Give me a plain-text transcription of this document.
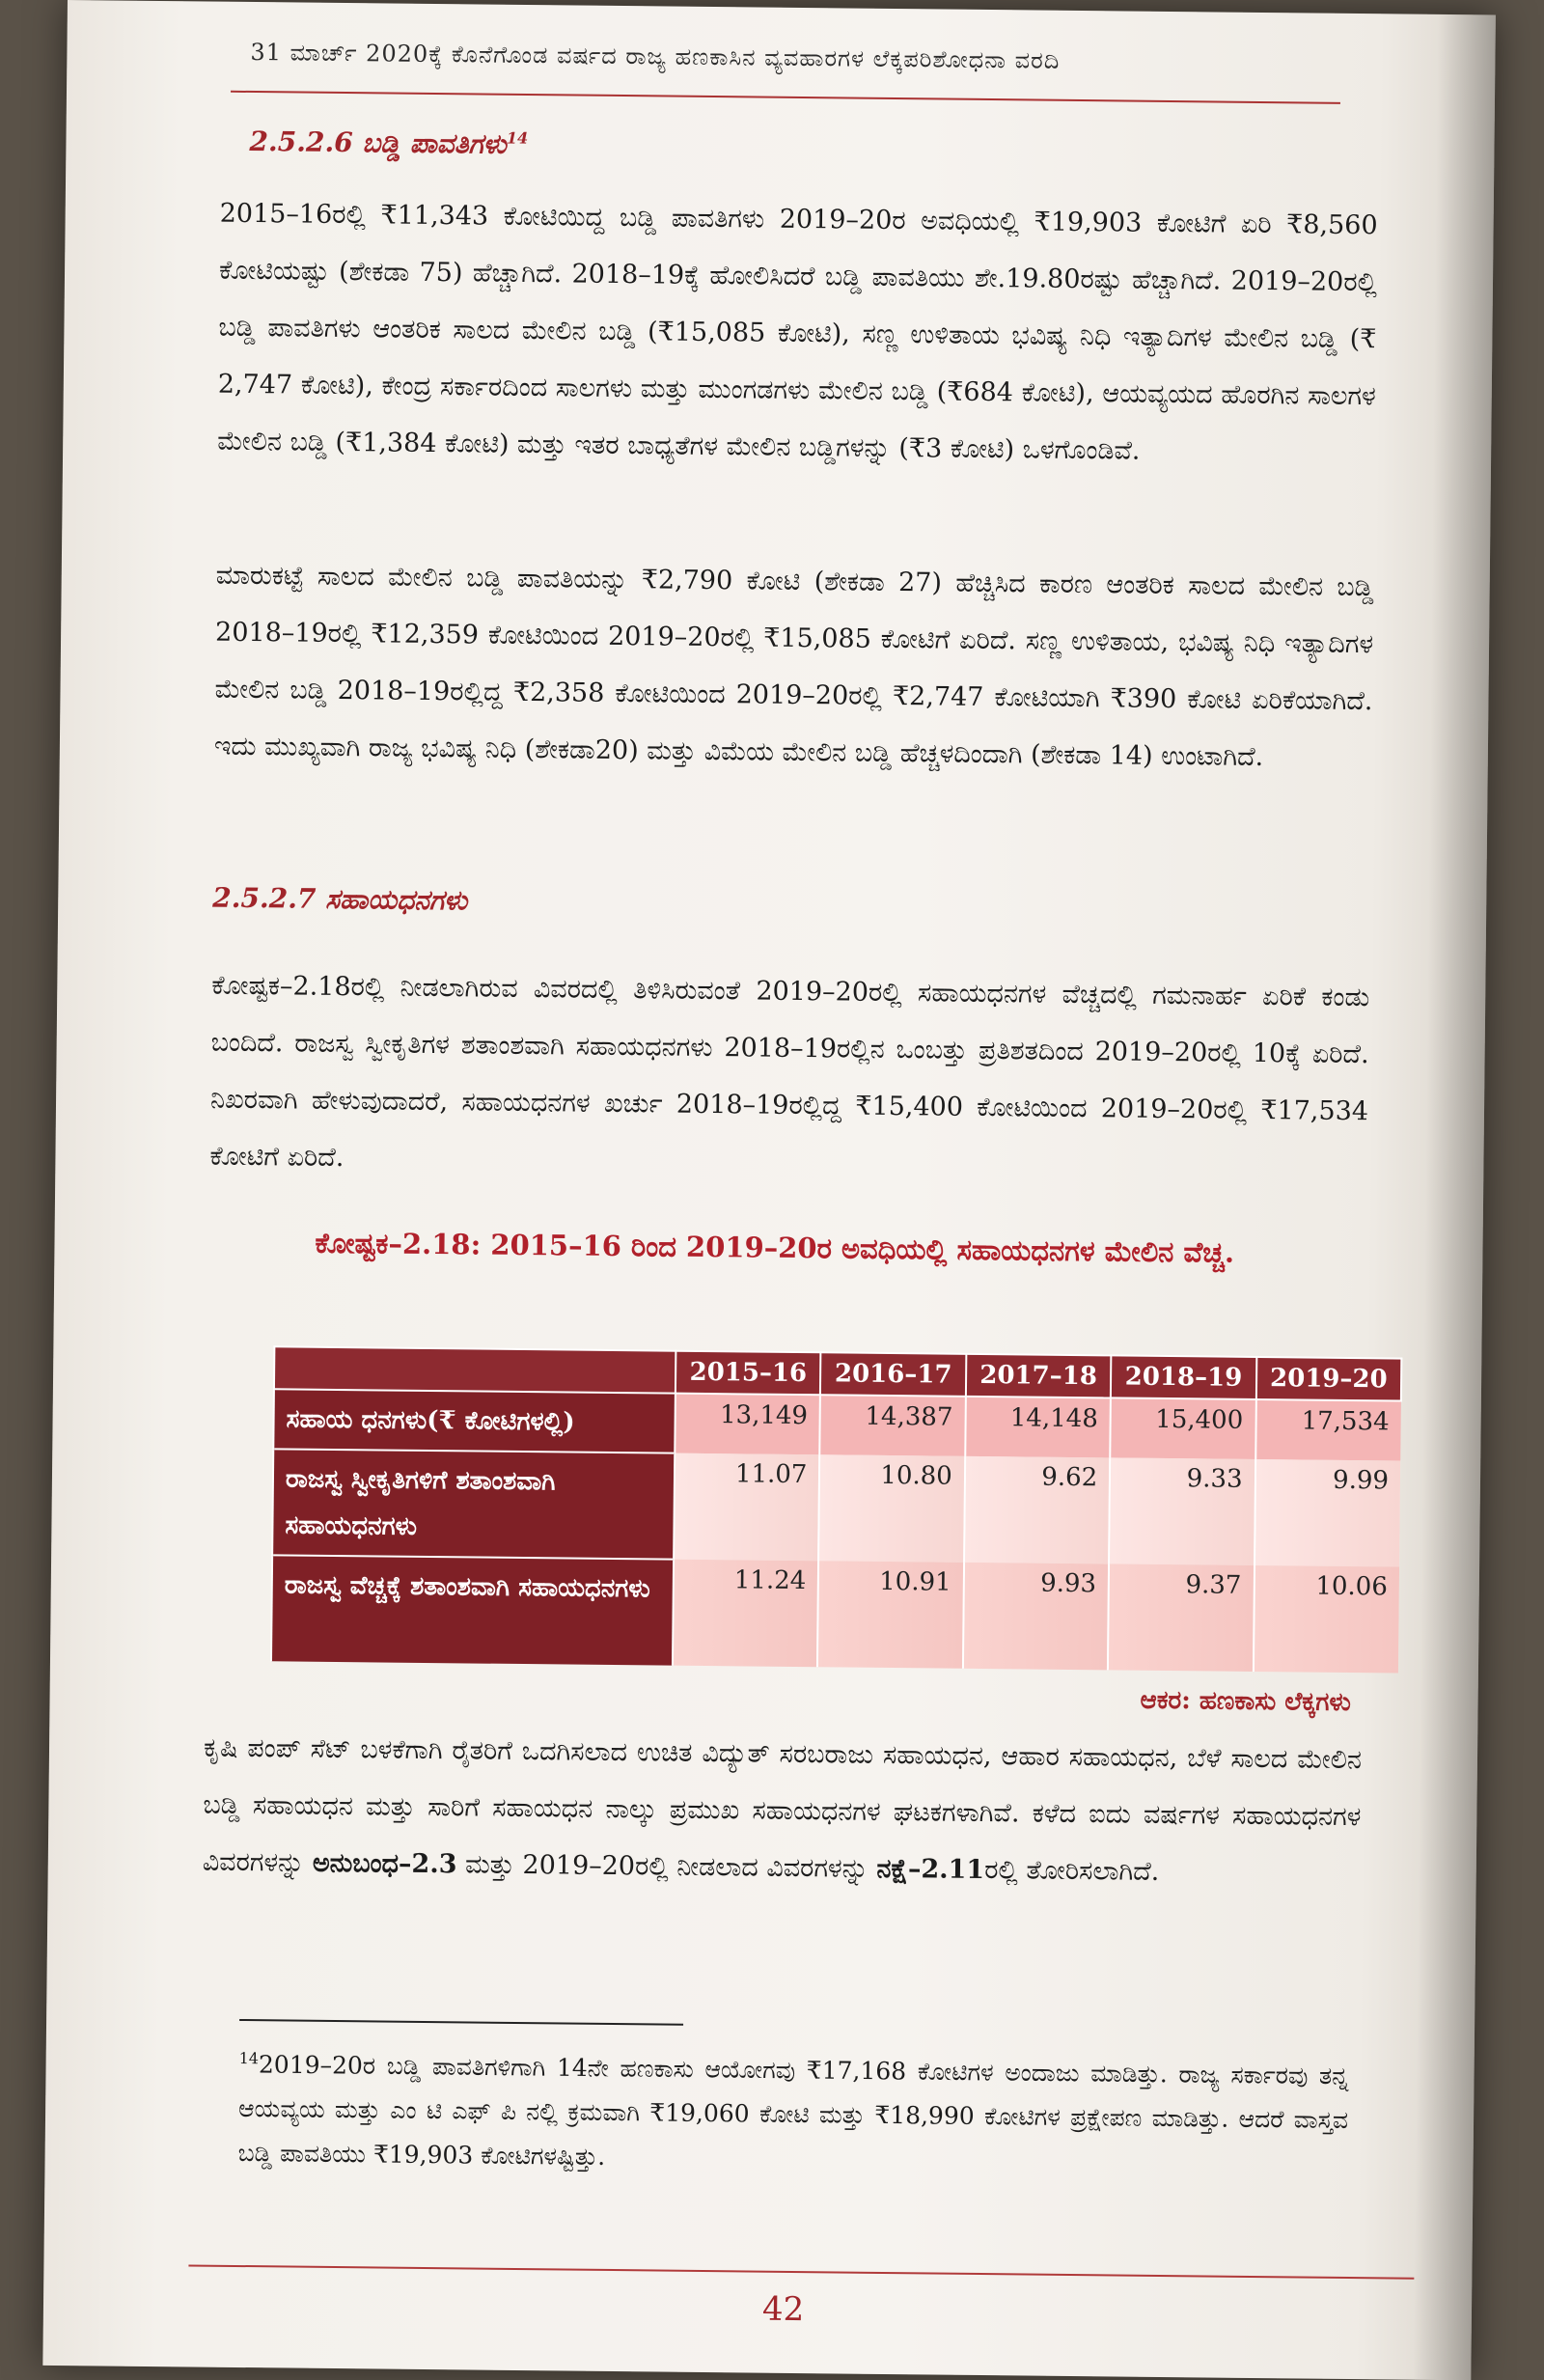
31 ಮಾರ್ಚ್ 2020ಕ್ಕೆ ಕೊನೆಗೊಂಡ ವರ್ಷದ ರಾಜ್ಯ ಹಣಕಾಸಿನ ವ್ಯವಹಾರಗಳ ಲೆಕ್ಕಪರಿಶೋಧನಾ ವರದಿ
2.5.2.6 ಬಡ್ಡಿ ಪಾವತಿಗಳು$^{14}$
2015–16ರಲ್ಲಿ ₹11,343 ಕೋಟಿಯಿದ್ದ ಬಡ್ಡಿ ಪಾವತಿಗಳು 2019–20ರ ಅವಧಿಯಲ್ಲಿ ₹19,903 ಕೋಟಿಗೆ ಏರಿ ₹8,560 ಕೋಟಿಯಷ್ಟು (ಶೇಕಡಾ 75) ಹೆಚ್ಚಾಗಿದೆ. 2018–19ಕ್ಕೆ ಹೋಲಿಸಿದರೆ ಬಡ್ಡಿ ಪಾವತಿಯು ಶೇ.19.80ರಷ್ಟು ಹೆಚ್ಚಾಗಿದೆ. 2019–20ರಲ್ಲಿ ಬಡ್ಡಿ ಪಾವತಿಗಳು ಆಂತರಿಕ ಸಾಲದ ಮೇಲಿನ ಬಡ್ಡಿ (₹15,085 ಕೋಟಿ), ಸಣ್ಣ ಉಳಿತಾಯ ಭವಿಷ್ಯ ನಿಧಿ ಇತ್ಯಾದಿಗಳ ಮೇಲಿನ ಬಡ್ಡಿ (₹ 2,747 ಕೋಟಿ), ಕೇಂದ್ರ ಸರ್ಕಾರದಿಂದ ಸಾಲಗಳು ಮತ್ತು ಮುಂಗಡಗಳು ಮೇಲಿನ ಬಡ್ಡಿ (₹684 ಕೋಟಿ), ಆಯವ್ಯಯದ ಹೊರಗಿನ ಸಾಲಗಳ ಮೇಲಿನ ಬಡ್ಡಿ (₹1,384 ಕೋಟಿ) ಮತ್ತು ಇತರ ಬಾಧ್ಯತೆಗಳ ಮೇಲಿನ ಬಡ್ಡಿಗಳನ್ನು (₹3 ಕೋಟಿ) ಒಳಗೊಂಡಿವೆ.
ಮಾರುಕಟ್ಟೆ ಸಾಲದ ಮೇಲಿನ ಬಡ್ಡಿ ಪಾವತಿಯನ್ನು ₹2,790 ಕೋಟಿ (ಶೇಕಡಾ 27) ಹೆಚ್ಚಿಸಿದ ಕಾರಣ ಆಂತರಿಕ ಸಾಲದ ಮೇಲಿನ ಬಡ್ಡಿ 2018–19ರಲ್ಲಿ ₹12,359 ಕೋಟಿಯಿಂದ 2019–20ರಲ್ಲಿ ₹15,085 ಕೋಟಿಗೆ ಏರಿದೆ. ಸಣ್ಣ ಉಳಿತಾಯ, ಭವಿಷ್ಯ ನಿಧಿ ಇತ್ಯಾದಿಗಳ ಮೇಲಿನ ಬಡ್ಡಿ 2018–19ರಲ್ಲಿದ್ದ ₹2,358 ಕೋಟಿಯಿಂದ 2019–20ರಲ್ಲಿ ₹2,747 ಕೋಟಿಯಾಗಿ ₹390 ಕೋಟಿ ಏರಿಕೆಯಾಗಿದೆ. ಇದು ಮುಖ್ಯವಾಗಿ ರಾಜ್ಯ ಭವಿಷ್ಯ ನಿಧಿ (ಶೇಕಡಾ20) ಮತ್ತು ವಿಮೆಯ ಮೇಲಿನ ಬಡ್ಡಿ ಹೆಚ್ಚಳದಿಂದಾಗಿ (ಶೇಕಡಾ 14) ಉಂಟಾಗಿದೆ.
2.5.2.7 ಸಹಾಯಧನಗಳು
ಕೋಷ್ಟಕ–2.18ರಲ್ಲಿ ನೀಡಲಾಗಿರುವ ವಿವರದಲ್ಲಿ ತಿಳಿಸಿರುವಂತೆ 2019–20ರಲ್ಲಿ ಸಹಾಯಧನಗಳ ವೆಚ್ಚದಲ್ಲಿ ಗಮನಾರ್ಹ ಏರಿಕೆ ಕಂಡು ಬಂದಿದೆ. ರಾಜಸ್ವ ಸ್ವೀಕೃತಿಗಳ ಶತಾಂಶವಾಗಿ ಸಹಾಯಧನಗಳು 2018–19ರಲ್ಲಿನ ಒಂಬತ್ತು ಪ್ರತಿಶತದಿಂದ 2019–20ರಲ್ಲಿ 10ಕ್ಕೆ ಏರಿದೆ. ನಿಖರವಾಗಿ ಹೇಳುವುದಾದರೆ, ಸಹಾಯಧನಗಳ ಖರ್ಚು 2018–19ರಲ್ಲಿದ್ದ ₹15,400 ಕೋಟಿಯಿಂದ 2019–20ರಲ್ಲಿ ₹17,534 ಕೋಟಿಗೆ ಏರಿದೆ.
ಕೋಷ್ಟಕ–2.18: 2015–16 ರಿಂದ 2019–20ರ ಅವಧಿಯಲ್ಲಿ ಸಹಾಯಧನಗಳ ಮೇಲಿನ ವೆಚ್ಚ.
	2015–16	2016–17	2017–18	2018–19	2019–20
ಸಹಾಯ ಧನಗಳು(₹ ಕೋಟಿಗಳಲ್ಲಿ)	13,149	14,387	14,148	15,400	17,534
ರಾಜಸ್ವ ಸ್ವೀಕೃತಿಗಳಿಗೆ ಶತಾಂಶವಾಗಿ ಸಹಾಯಧನಗಳು	11.07	10.80	9.62	9.33	9.99
ರಾಜಸ್ವ ವೆಚ್ಚಕ್ಕೆ ಶತಾಂಶವಾಗಿ ಸಹಾಯಧನಗಳು	11.24	10.91	9.93	9.37	10.06
ಆಕರ: ಹಣಕಾಸು ಲೆಕ್ಕಗಳು
ಕೃಷಿ ಪಂಪ್ ಸೆಟ್ ಬಳಕೆಗಾಗಿ ರೈತರಿಗೆ ಒದಗಿಸಲಾದ ಉಚಿತ ವಿದ್ಯುತ್ ಸರಬರಾಜು ಸಹಾಯಧನ, ಆಹಾರ ಸಹಾಯಧನ, ಬೆಳೆ ಸಾಲದ ಮೇಲಿನ ಬಡ್ಡಿ ಸಹಾಯಧನ ಮತ್ತು ಸಾರಿಗೆ ಸಹಾಯಧನ ನಾಲ್ಕು ಪ್ರಮುಖ ಸಹಾಯಧನಗಳ ಘಟಕಗಳಾಗಿವೆ. ಕಳೆದ ಐದು ವರ್ಷಗಳ ಸಹಾಯಧನಗಳ ವಿವರಗಳನ್ನು ಅನುಬಂಧ–2.3 ಮತ್ತು 2019–20ರಲ್ಲಿ ನೀಡಲಾದ ವಿವರಗಳನ್ನು ನಕ್ಷೆ–2.11ರಲ್ಲಿ ತೋರಿಸಲಾಗಿದೆ.
$^{14}$2019–20ರ ಬಡ್ಡಿ ಪಾವತಿಗಳಿಗಾಗಿ 14ನೇ ಹಣಕಾಸು ಆಯೋಗವು ₹17,168 ಕೋಟಿಗಳ ಅಂದಾಜು ಮಾಡಿತ್ತು. ರಾಜ್ಯ ಸರ್ಕಾರವು ತನ್ನ ಆಯವ್ಯಯ ಮತ್ತು ಎಂ ಟಿ ಎಫ್ ಪಿ ನಲ್ಲಿ ಕ್ರಮವಾಗಿ ₹19,060 ಕೋಟಿ ಮತ್ತು ₹18,990 ಕೋಟಿಗಳ ಪ್ರಕ್ಷೇಪಣ ಮಾಡಿತ್ತು. ಆದರೆ ವಾಸ್ತವ ಬಡ್ಡಿ ಪಾವತಿಯು ₹19,903 ಕೋಟಿಗಳಷ್ಟಿತ್ತು.
42
